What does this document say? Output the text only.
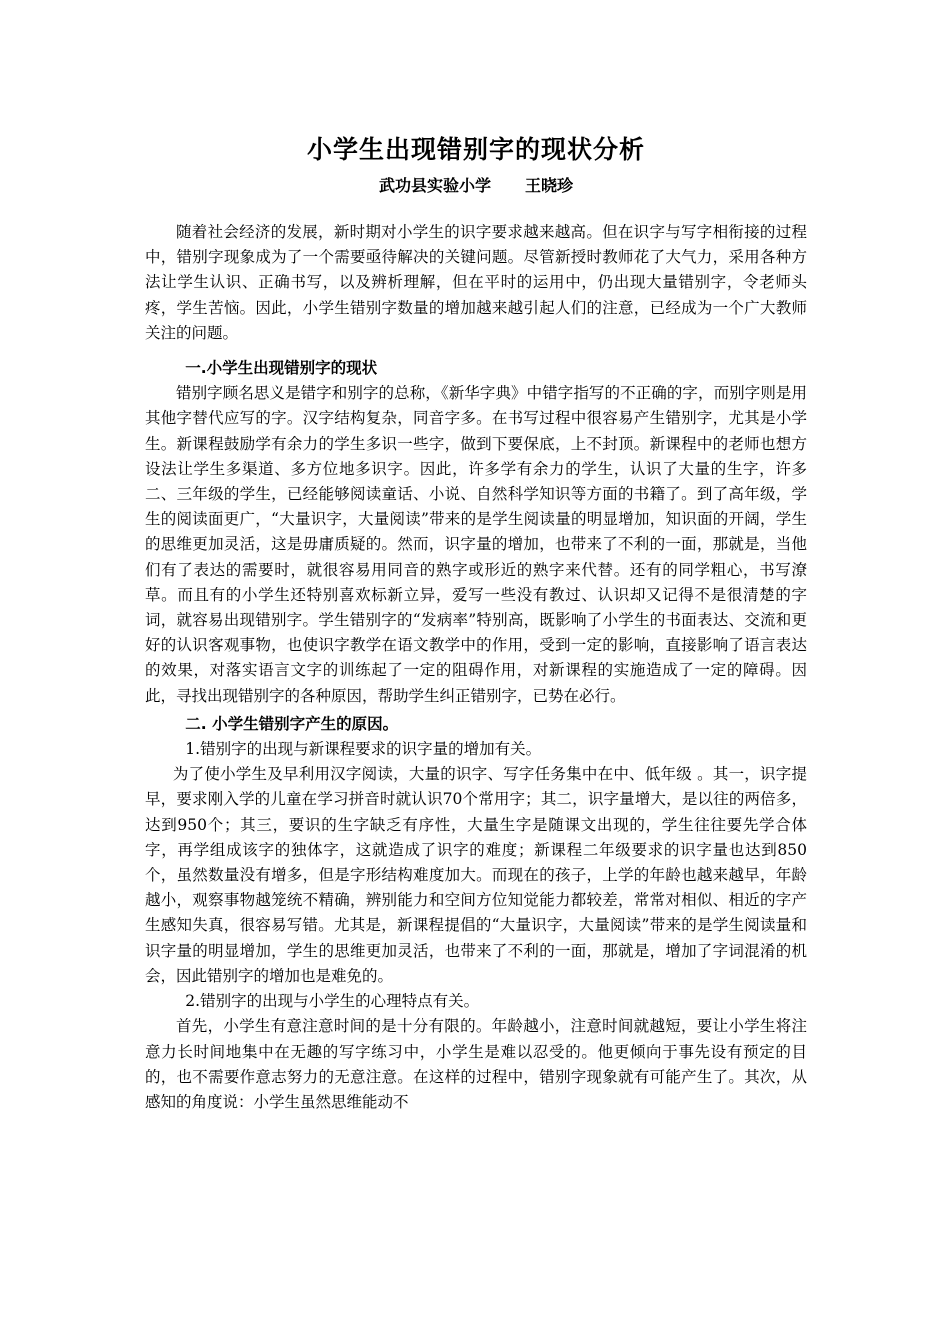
小学生出现错别字的现状分析
武功县实验小学 王晓珍

随着社会经济的发展，新时期对小学生的识字要求越来越高。但在识字与写字相衔接的过程中，错别字现象成为了一个需要亟待解决的关键问题。尽管新授时教师花了大气力，采用各种方法让学生认识、正确书写，以及辨析理解，但在平时的运用中，仍出现大量错别字，令老师头疼，学生苦恼。因此，小学生错别字数量的增加越来越引起人们的注意，已经成为一个广大教师关注的问题。

一.小学生出现错别字的现状

错别字顾名思义是错字和别字的总称，《新华字典》中错字指写的不正确的字，而别字则是用其他字替代应写的字。汉字结构复杂，同音字多。在书写过程中很容易产生错别字，尤其是小学生。新课程鼓励学有余力的学生多识一些字，做到下要保底，上不封顶。新课程中的老师也想方设法让学生多渠道、多方位地多识字。因此，许多学有余力的学生，认识了大量的生字，许多二、三年级的学生，已经能够阅读童话、小说、自然科学知识等方面的书籍了。到了高年级，学生的阅读面更广，“大量识字，大量阅读”带来的是学生阅读量的明显增加，知识面的开阔，学生的思维更加灵活，这是毋庸质疑的。然而，识字量的增加，也带来了不利的一面，那就是，当他们有了表达的需要时，就很容易用同音的熟字或形近的熟字来代替。还有的同学粗心，书写潦草。而且有的小学生还特别喜欢标新立异，爱写一些没有教过、认识却又记得不是很清楚的字词，就容易出现错别字。学生错别字的“发病率”特别高，既影响了小学生的书面表达、交流和更好的认识客观事物，也使识字教学在语文教学中的作用，受到一定的影响，直接影响了语言表达的效果，对落实语言文字的训练起了一定的阻碍作用，对新课程的实施造成了一定的障碍。因此，寻找出现错别字的各种原因，帮助学生纠正错别字，已势在必行。

二. 小学生错别字产生的原因。

1.错别字的出现与新课程要求的识字量的增加有关。

为了使小学生及早利用汉字阅读，大量的识字、写字任务集中在中、低年级 。其一，识字提早，要求刚入学的儿童在学习拼音时就认识70个常用字；其二，识字量增大，是以往的两倍多，达到950个；其三，要识的生字缺乏有序性，大量生字是随课文出现的，学生往往要先学合体字，再学组成该字的独体字，这就造成了识字的难度；新课程二年级要求的识字量也达到850个，虽然数量没有增多，但是字形结构难度加大。而现在的孩子，上学的年龄也越来越早，年龄越小，观察事物越笼统不精确，辨别能力和空间方位知觉能力都较差，常常对相似、相近的字产生感知失真，很容易写错。尤其是，新课程提倡的“大量识字，大量阅读”带来的是学生阅读量和识字量的明显增加，学生的思维更加灵活，也带来了不利的一面，那就是，增加了字词混淆的机会，因此错别字的增加也是难免的。

2.错别字的出现与小学生的心理特点有关。

首先，小学生有意注意时间的是十分有限的。年龄越小，注意时间就越短，要让小学生将注意力长时间地集中在无趣的写字练习中，小学生是难以忍受的。他更倾向于事先设有预定的目的，也不需要作意志努力的无意注意。在这样的过程中，错别字现象就有可能产生了。其次，从感知的角度说：小学生虽然思维能动不
